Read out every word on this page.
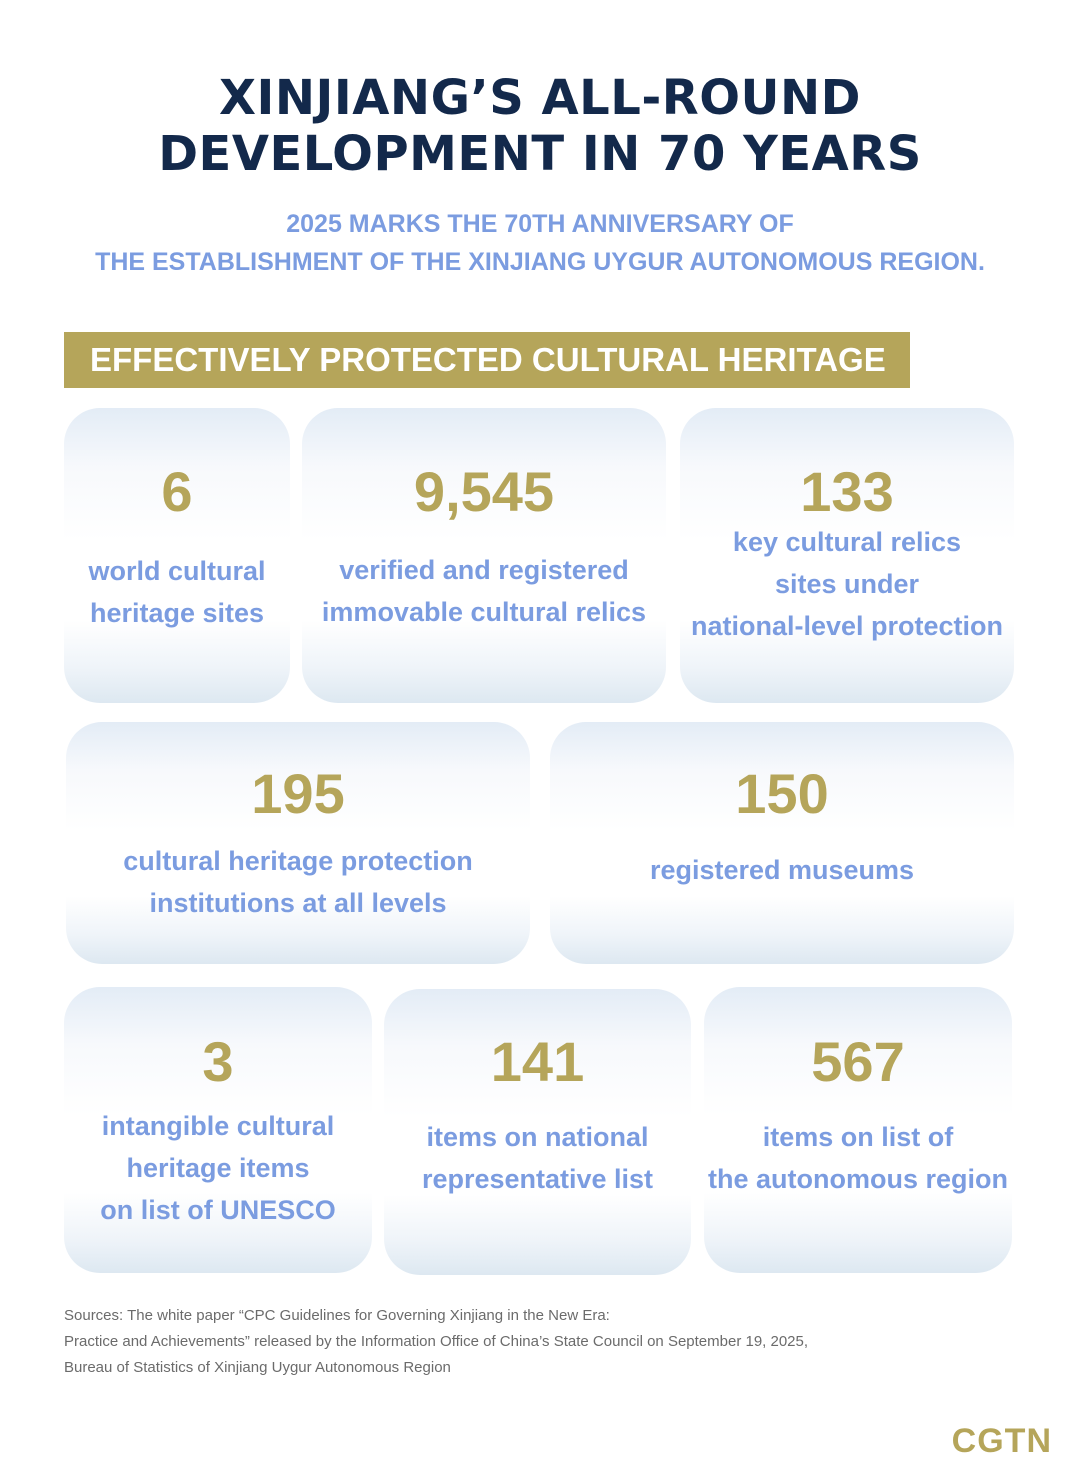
XINJIANG’S ALL-ROUND
DEVELOPMENT IN 70 YEARS
2025 MARKS THE 70TH ANNIVERSARY OF
THE ESTABLISHMENT OF THE XINJIANG UYGUR AUTONOMOUS REGION.
EFFECTIVELY PROTECTED CULTURAL HERITAGE
6
world cultural
heritage sites
9,545
verified and registered
immovable cultural relics
133
key cultural relics
sites under
national-level protection
195
cultural heritage protection
institutions at all levels
150
registered museums
3
intangible cultural
heritage items
on list of UNESCO
141
items on national
representative list
567
items on list of
the autonomous region
Sources: The white paper “CPC Guidelines for Governing Xinjiang in the New Era:
Practice and Achievements” released by the Information Office of China’s State Council on September 19, 2025,
Bureau of Statistics of Xinjiang Uygur Autonomous Region
CGTN
